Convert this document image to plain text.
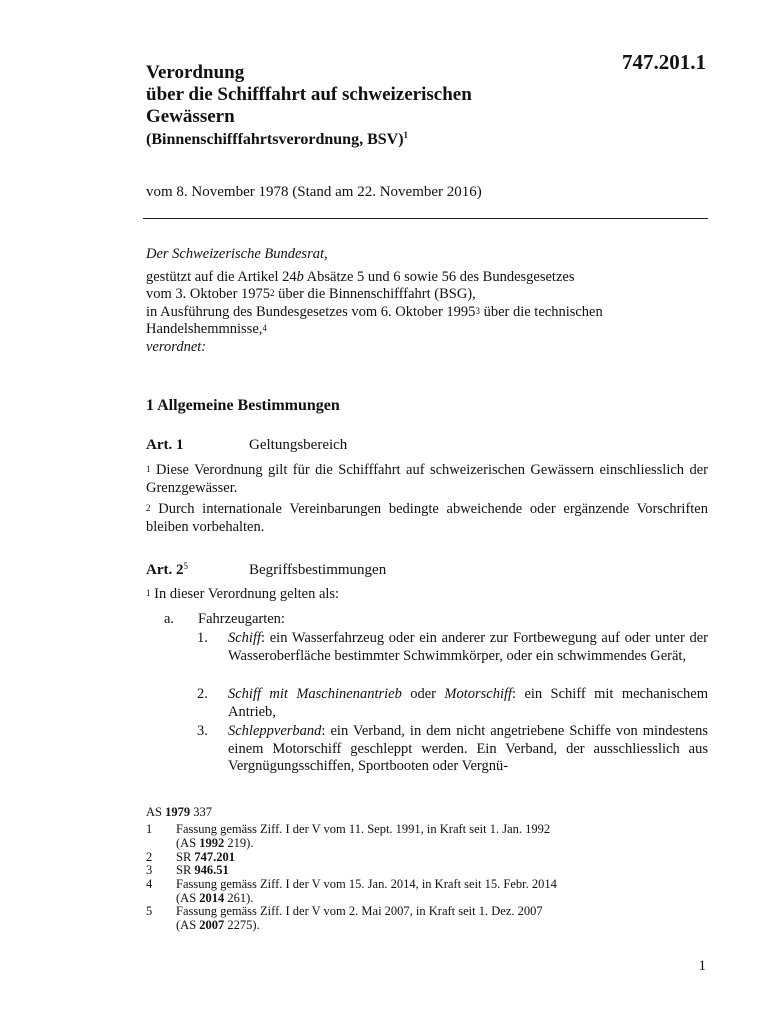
747.201.1
Verordnung
über die Schifffahrt auf schweizerischen
Gewässern
(Binnenschifffahrtsverordnung, BSV)$^1$
vom 8. November 1978 (Stand am 22. November 2016)
Der Schweizerische Bundesrat,
gestützt auf die Artikel 24b Absätze 5 und 6 sowie 56 des Bundesgesetzes
vom 3. Oktober 1975$^2$ über die Binnenschifffahrt (BSG),
in Ausführung des Bundesgesetzes vom 6. Oktober 1995$^3$ über die technischen
Handelshemmnisse,$^4$
verordnet:
1 Allgemeine Bestimmungen
Art. 1	Geltungsbereich
$^1$ Diese Verordnung gilt für die Schifffahrt auf schweizerischen Gewässern einschliesslich der Grenzgewässer.
$^2$ Durch internationale Vereinbarungen bedingte abweichende oder ergänzende Vorschriften bleiben vorbehalten.
Art. $2^5$	Begriffsbestimmungen
$^1$ In dieser Verordnung gelten als:
a. Fahrzeugarten:
1. Schiff: ein Wasserfahrzeug oder ein anderer zur Fortbewegung auf oder unter der Wasseroberfläche bestimmter Schwimmkörper, oder ein schwimmendes Gerät,
2. Schiff mit Maschinenantrieb oder Motorschiff: ein Schiff mit mechanischem Antrieb,
3. Schleppverband: ein Verband, in dem nicht angetriebene Schiffe von mindestens einem Motorschiff geschleppt werden. Ein Verband, der ausschliesslich aus Vergnügungsschiffen, Sportbooten oder Vergnü-
AS 1979 337
1 Fassung gemäss Ziff. I der V vom 11. Sept. 1991, in Kraft seit 1. Jan. 1992
(AS 1992 219).
2 SR 747.201
3 SR 946.51
4 Fassung gemäss Ziff. I der V vom 15. Jan. 2014, in Kraft seit 15. Febr. 2014
(AS 2014 261).
5 Fassung gemäss Ziff. I der V vom 2. Mai 2007, in Kraft seit 1. Dez. 2007
(AS 2007 2275).
1
